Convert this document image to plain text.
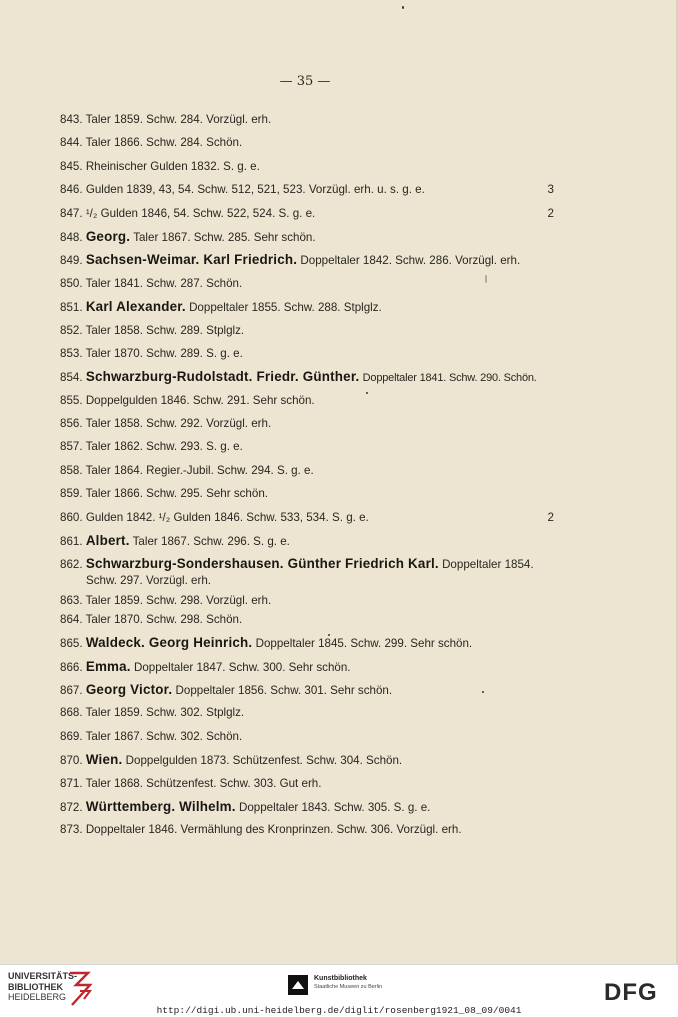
— 35 —
843. Taler 1859. Schw. 284. Vorzügl. erh.
844. Taler 1866. Schw. 284. Schön.
845. Rheinischer Gulden 1832. S. g. e.
846. Gulden 1839, 43, 54. Schw. 512, 521, 523. Vorzügl. erh. u. s. g. e.	3
847. ¹/₂ Gulden 1846, 54. Schw. 522, 524. S. g. e.	2
848. Georg. Taler 1867. Schw. 285. Sehr schön.
849. Sachsen-Weimar. Karl Friedrich. Doppeltaler 1842. Schw. 286. Vorzügl. erh.
850. Taler 1841. Schw. 287. Schön.
851. Karl Alexander. Doppeltaler 1855. Schw. 288. Stplglz.
852. Taler 1858. Schw. 289. Stplglz.
853. Taler 1870. Schw. 289. S. g. e.
854. Schwarzburg-Rudolstadt. Friedr. Günther. Doppeltaler 1841. Schw. 290. Schön.
855. Doppelgulden 1846. Schw. 291. Sehr schön.
856. Taler 1858. Schw. 292. Vorzügl. erh.
857. Taler 1862. Schw. 293. S. g. e.
858. Taler 1864. Regier.-Jubil. Schw. 294. S. g. e.
859. Taler 1866. Schw. 295. Sehr schön.
860. Gulden 1842. ¹/₂ Gulden 1846. Schw. 533, 534. S. g. e.	2
861. Albert. Taler 1867. Schw. 296. S. g. e.
862. Schwarzburg-Sondershausen. Günther Friedrich Karl. Doppeltaler 1854.
Schw. 297. Vorzügl. erh.
863. Taler 1859. Schw. 298. Vorzügl. erh.
864. Taler 1870. Schw. 298. Schön.
865. Waldeck. Georg Heinrich. Doppeltaler 1845. Schw. 299. Sehr schön.
866. Emma. Doppeltaler 1847. Schw. 300. Sehr schön.
867. Georg Victor. Doppeltaler 1856. Schw. 301. Sehr schön.
868. Taler 1859. Schw. 302. Stplglz.
869. Taler 1867. Schw. 302. Schön.
870. Wien. Doppelgulden 1873. Schützenfest. Schw. 304. Schön.
871. Taler 1868. Schützenfest. Schw. 303. Gut erh.
872. Württemberg. Wilhelm. Doppeltaler 1843. Schw. 305. S. g. e.
873. Doppeltaler 1846. Vermählung des Kronprinzen. Schw. 306. Vorzügl. erh.
UNIVERSITÄTS-
BIBLIOTHEK
HEIDELBERG
Kunstbibliothek
Staatliche Museen zu Berlin	DFG
http://digi.ub.uni-heidelberg.de/diglit/rosenberg1921_08_09/0041
